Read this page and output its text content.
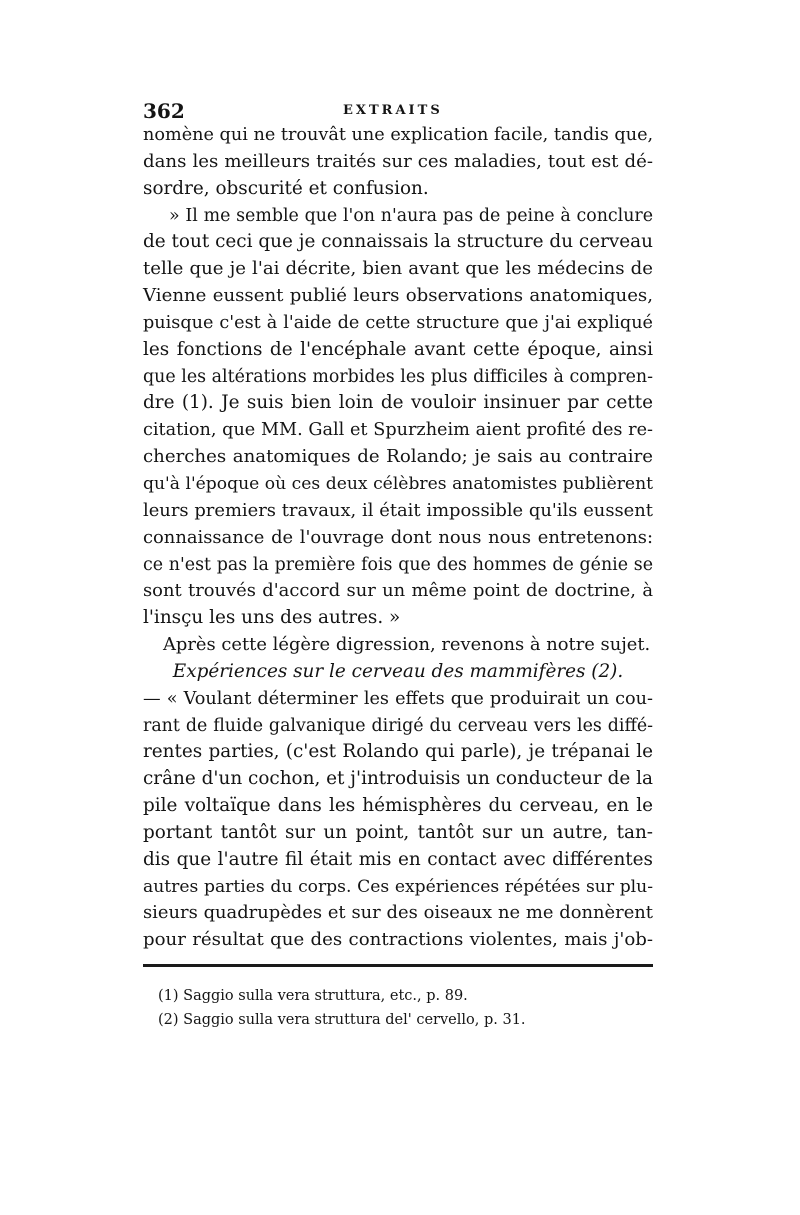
362	EXTRAITS
nomène qui ne trouvât une explication facile, tandis que,
dans les meilleurs traités sur ces maladies, tout est dé-
sordre, obscurité et confusion.
» Il me semble que l'on n'aura pas de peine à conclure
de tout ceci que je connaissais la structure du cerveau
telle que je l'ai décrite, bien avant que les médecins de
Vienne eussent publié leurs observations anatomiques,
puisque c'est à l'aide de cette structure que j'ai expliqué
les fonctions de l'encéphale avant cette époque, ainsi
que les altérations morbides les plus difficiles à compren-
dre (1). Je suis bien loin de vouloir insinuer par cette
citation, que MM. Gall et Spurzheim aient profité des re-
cherches anatomiques de Rolando; je sais au contraire
qu'à l'époque où ces deux célèbres anatomistes publièrent
leurs premiers travaux, il était impossible qu'ils eussent
connaissance de l'ouvrage dont nous nous entretenons:
ce n'est pas la première fois que des hommes de génie se
sont trouvés d'accord sur un même point de doctrine, à
l'insçu les uns des autres. »
Après cette légère digression, revenons à notre sujet.
Expériences sur le cerveau des mammifères (2).
— « Voulant déterminer les effets que produirait un cou-
rant de fluide galvanique dirigé du cerveau vers les diffé-
rentes parties, (c'est Rolando qui parle), je trépanai le
crâne d'un cochon, et j'introduisis un conducteur de la
pile voltaïque dans les hémisphères du cerveau, en le
portant tantôt sur un point, tantôt sur un autre, tan-
dis que l'autre fil était mis en contact avec différentes
autres parties du corps. Ces expériences répétées sur plu-
sieurs quadrupèdes et sur des oiseaux ne me donnèrent
pour résultat que des contractions violentes, mais j'ob-
(1) Saggio sulla vera struttura, etc., p. 89.
(2) Saggio sulla vera struttura del' cervello, p. 31.
